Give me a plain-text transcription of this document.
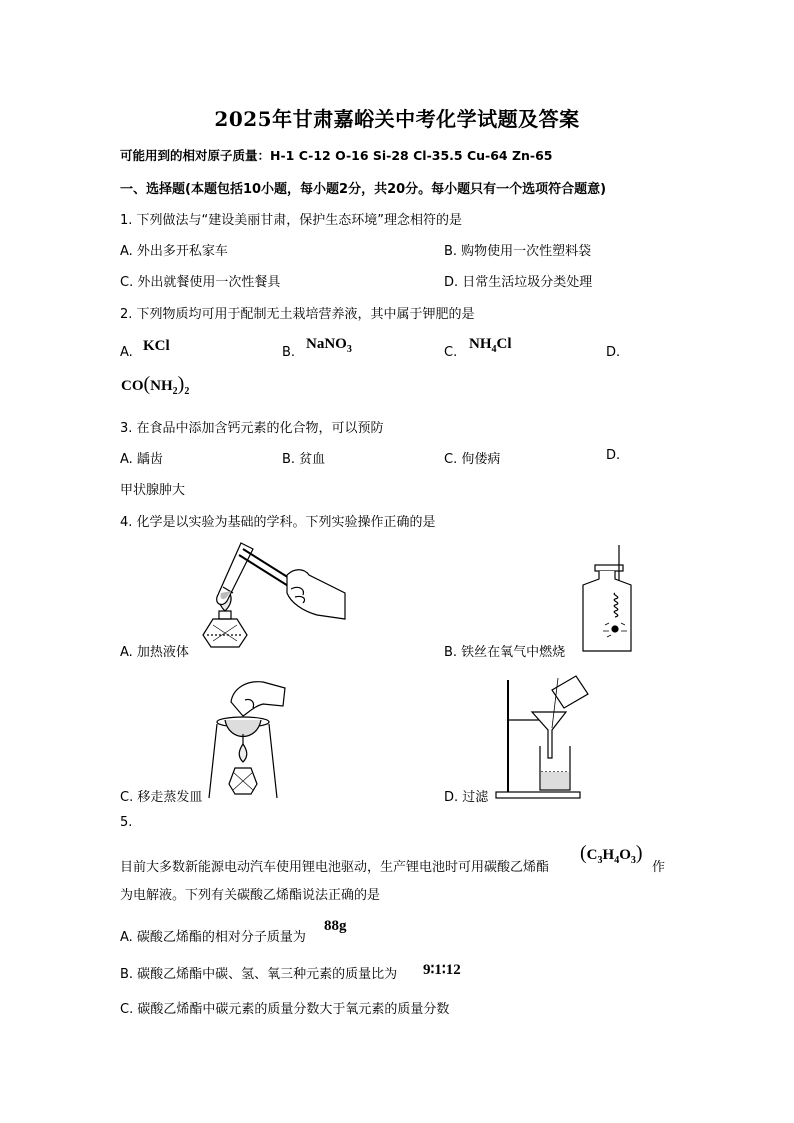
2025年甘肃嘉峪关中考化学试题及答案
可能用到的相对原子质量：H-1 C-12 O-16 Si-28 Cl-35.5 Cu-64 Zn-65
一、选择题(本题包括10小题，每小题2分，共20分。每小题只有一个选项符合题意)
1. 下列做法与“建设美丽甘肃，保护生态环境”理念相符的是
A. 外出多开私家车	B. 购物使用一次性塑料袋
C. 外出就餐使用一次性餐具	D. 日常生活垃圾分类处理
2. 下列物质均可用于配制无土栽培营养液，其中属于钾肥的是
A. KCl	B.
NaNO$_3$	C.
$NH_4Cl$
D.
$CO(NH_2)_2$
3. 在食品中添加含钙元素的化合物，可以预防
A. 龋齿	B. 贫血	C. 佝偻病	D.
甲状腺肿大
4. 化学是以实验为基础的学科。下列实验操作正确的是
A. 加热液体	B. 铁丝在氧气中燃烧
C. 移走蒸发皿	D. 过滤
5.
目前大多数新能源电动汽车使用锂电池驱动，生产锂电池时可用碳酸乙烯酯
$(C_3H_4O_3)$
作
为电解液。下列有关碳酸乙烯酯说法正确的是
A. 碳酸乙烯酯的相对分子质量为
88g
B. 碳酸乙烯酯中碳、氢、氧三种元素的质量比为 9∶1∶12
C. 碳酸乙烯酯中碳元素的质量分数大于氧元素的质量分数
